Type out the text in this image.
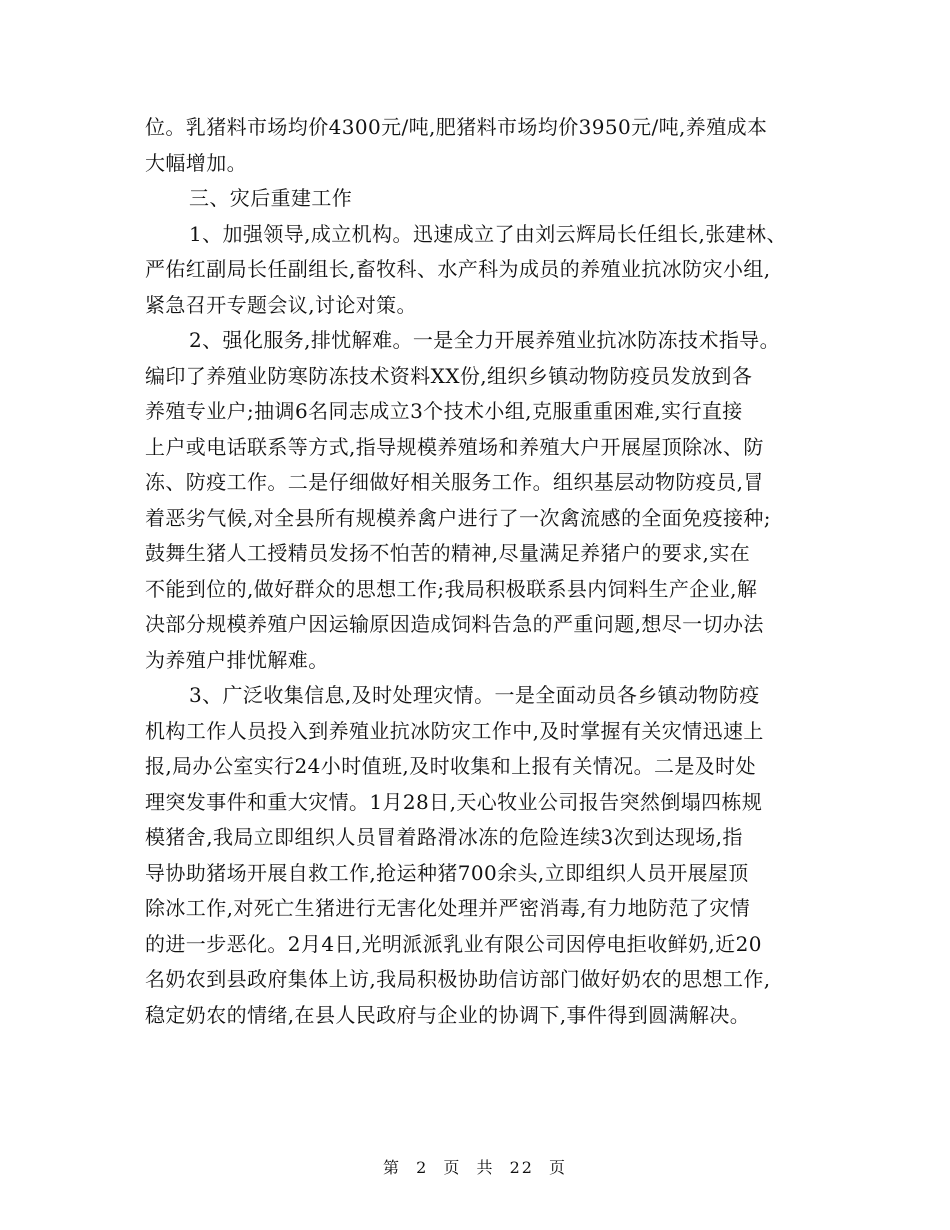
位。乳猪料市场均价4300元/吨,肥猪料市场均价3950元/吨,养殖成本
大幅增加。
三、灾后重建工作
1、加强领导,成立机构。迅速成立了由刘云辉局长任组长,张建林、
严佑红副局长任副组长,畜牧科、水产科为成员的养殖业抗冰防灾小组,
紧急召开专题会议,讨论对策。
2、强化服务,排忧解难。一是全力开展养殖业抗冰防冻技术指导。
编印了养殖业防寒防冻技术资料XX份,组织乡镇动物防疫员发放到各
养殖专业户;抽调6名同志成立3个技术小组,克服重重困难,实行直接
上户或电话联系等方式,指导规模养殖场和养殖大户开展屋顶除冰、防
冻、防疫工作。二是仔细做好相关服务工作。组织基层动物防疫员,冒
着恶劣气候,对全县所有规模养禽户进行了一次禽流感的全面免疫接种;
鼓舞生猪人工授精员发扬不怕苦的精神,尽量满足养猪户的要求,实在
不能到位的,做好群众的思想工作;我局积极联系县内饲料生产企业,解
决部分规模养殖户因运输原因造成饲料告急的严重问题,想尽一切办法
为养殖户排忧解难。
3、广泛收集信息,及时处理灾情。一是全面动员各乡镇动物防疫
机构工作人员投入到养殖业抗冰防灾工作中,及时掌握有关灾情迅速上
报,局办公室实行24小时值班,及时收集和上报有关情况。二是及时处
理突发事件和重大灾情。1月28日,天心牧业公司报告突然倒塌四栋规
模猪舍,我局立即组织人员冒着路滑冰冻的危险连续3次到达现场,指
导协助猪场开展自救工作,抢运种猪700余头,立即组织人员开展屋顶
除冰工作,对死亡生猪进行无害化处理并严密消毒,有力地防范了灾情
的进一步恶化。2月4日,光明派派乳业有限公司因停电拒收鲜奶,近20
名奶农到县政府集体上访,我局积极协助信访部门做好奶农的思想工作,
稳定奶农的情绪,在县人民政府与企业的协调下,事件得到圆满解决。
第 2 页 共 22 页
